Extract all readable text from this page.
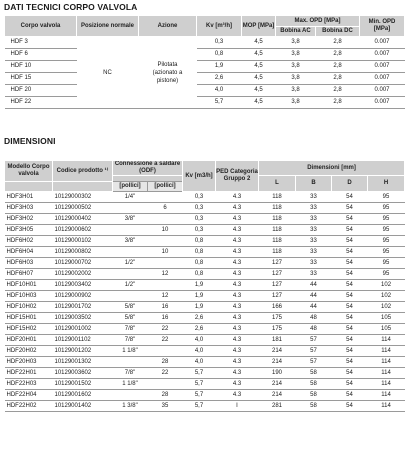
DATI TECNICI CORPO VALVOLA
Corpo valvola	Posizione normale	Azione	Kv [m³/h]	MOP [MPa]	Max. OPD [MPa]		Min. OPD [MPa]
					Bobina AC	Bobina DC	
HDF 3	NC	Pilotata (azionato a pistone)	0,3	4,5	3,8	2,8	0.007
HDF 6			0,8	4,5	3,8	2,8	0.007
HDF 10			1,9	4,5	3,8	2,8	0.007
HDF 15			2,6	4,5	3,8	2,8	0.007
HDF 20			4,0	4,5	3,8	2,8	0.007
HDF 22			5,7	4,5	3,8	2,8	0.007
DIMENSIONI
Modello Corpo valvola	Codice prodotto ¹⁾	Connessione a saldare (ODF)		Kv [m3/h]	PED Categoria Gruppo 2	Dimensioni [mm]			
						L	B	D	H
		[pollici]	[pollici]						
HDF3H01	10129000302	1/4"		0,3	4.3	118	33	54	95
HDF3H03	10129000502		6	0,3	4.3	118	33	54	95
HDF3H02	10129000402	3/8"		0,3	4.3	118	33	54	95
HDF3H05	10129000602		10	0,3	4.3	118	33	54	95
HDF6H02	10129000102	3/8"		0,8	4.3	118	33	54	95
HDF6H04	10129000802		10	0,8	4.3	118	33	54	95
HDF6H03	10129000702	1/2"		0,8	4.3	127	33	54	95
HDF6H07	10129002002		12	0,8	4.3	127	33	54	95
HDF10H01	10129003402	1/2"		1,9	4.3	127	44	54	102
HDF10H03	10129000902		12	1,9	4.3	127	44	54	102
HDF10H02	10129001702	5/8"	16	1,9	4.3	166	44	54	102
HDF15H01	10129003502	5/8"	16	2,6	4.3	175	48	54	105
HDF15H02	10129001002	7/8"	22	2,6	4.3	175	48	54	105
HDF20H01	10129001102	7/8"	22	4,0	4.3	181	57	54	114
HDF20H02	10129001202	1 1/8"		4,0	4.3	214	57	54	114
HDF20H03	10129001302		28	4,0	4.3	214	57	54	114
HDF22H01	10129003602	7/8"	22	5,7	4.3	190	58	54	114
HDF22H03	10129001502	1 1/8"		5,7	4.3	214	58	54	114
HDF22H04	10129001602		28	5,7	4.3	214	58	54	114
HDF22H02	10129001402	1 3/8"	35	5,7	I	281	58	54	114
